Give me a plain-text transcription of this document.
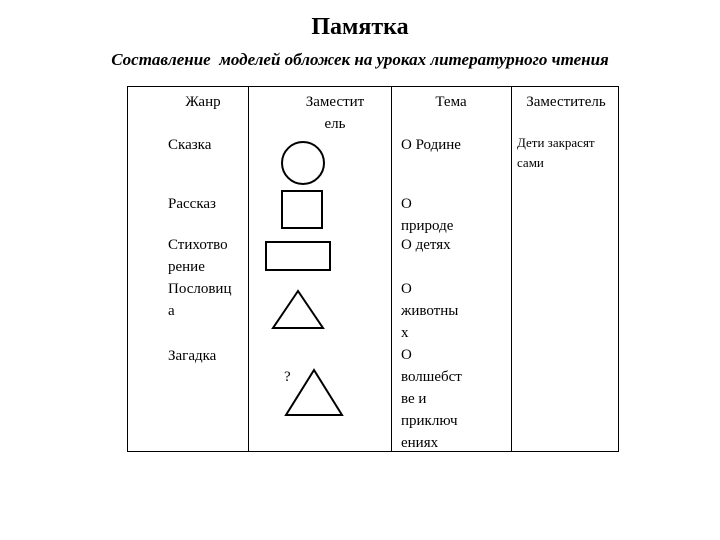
Памятка
Составление  моделей обложек на уроках литературного чтения
Жанр	Заместит
ель
Тема	Заместитель
Сказка
Рассказ
Стихотво
рение
Пословиц
а
Загадка
О Родине
О
природе
О детях
О
животны
х
О
волшебст
ве и
приключ
ениях
Дети закрасят
сами
?
